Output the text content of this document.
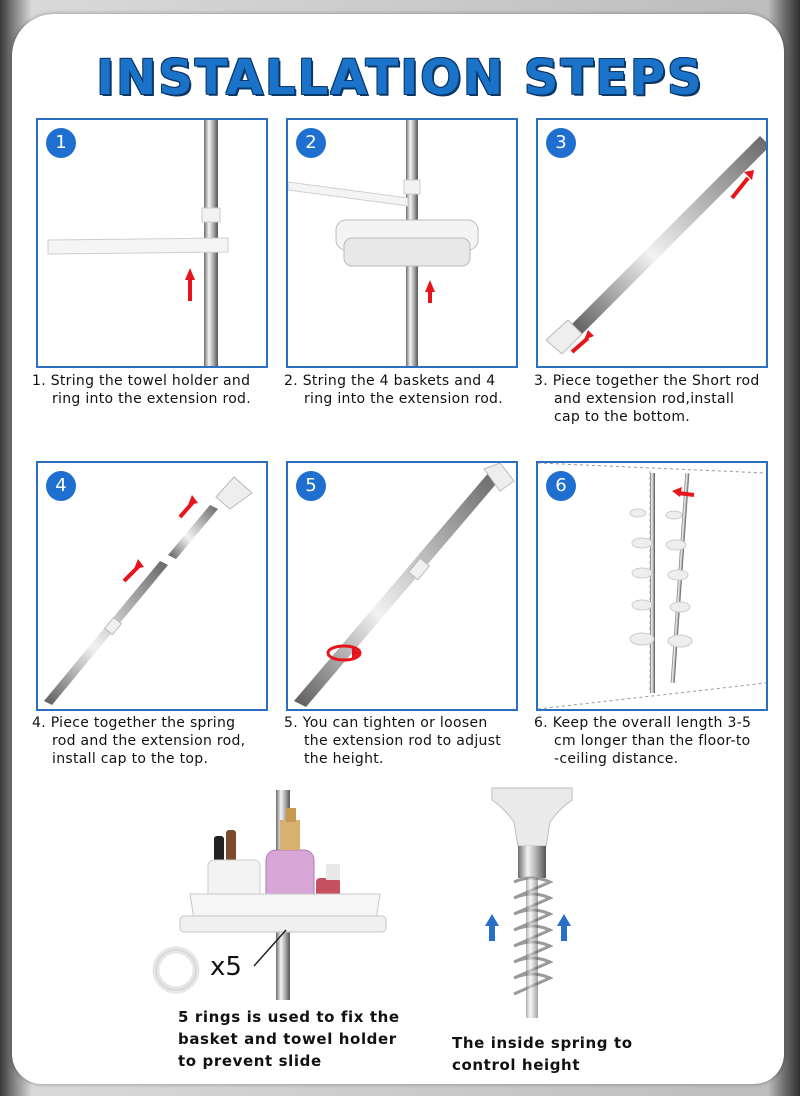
INSTALLATION STEPS
1	2	3
4	5	6
1. String the towel holder and
ring into the extension rod.
2. String the 4 baskets and 4
ring into the extension rod.
3. Piece together the Short rod
and extension rod,install
cap to the bottom.
4. Piece together the spring
rod and the extension rod,
install cap to the top.
5. You can tighten or loosen
the extension rod to adjust
the height.
6. Keep the overall length 3-5
cm longer than the floor-to
-ceiling distance.
x5
5 rings is used to fix the
basket and towel holder
to prevent slide
The inside spring to
control height
